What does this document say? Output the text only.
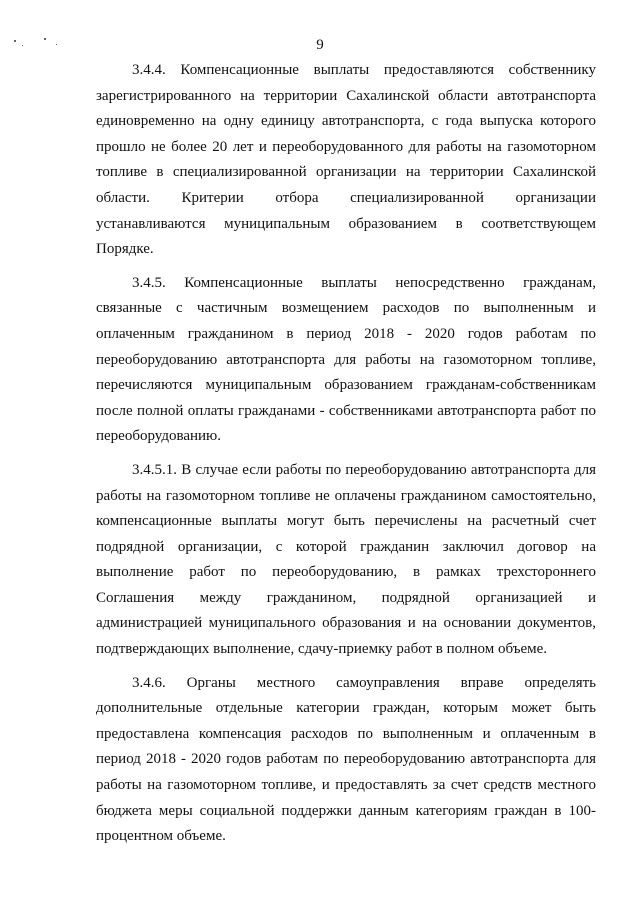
9

3.4.4. Компенсационные выплаты предоставляются собственнику зарегистрированного на территории Сахалинской области автотранспорта единовременно на одну единицу автотранспорта, с года выпуска которого прошло не более 20 лет и переоборудованного для работы на газомоторном топливе в специализированной организации на территории Сахалинской области. Критерии отбора специализированной организации устанавливаются муниципальным образованием в соответствующем Порядке.

3.4.5. Компенсационные выплаты непосредственно гражданам, связанные с частичным возмещением расходов по выполненным и оплаченным гражданином в период 2018 - 2020 годов работам по переоборудованию автотранспорта для работы на газомоторном топливе, перечисляются муниципальным образованием гражданам-собственникам после полной оплаты гражданами - собственниками автотранспорта работ по переоборудованию.

3.4.5.1. В случае если работы по переоборудованию автотранспорта для работы на газомоторном топливе не оплачены гражданином самостоятельно, компенсационные выплаты могут быть перечислены на расчетный счет подрядной организации, с которой гражданин заключил договор на выполнение работ по переоборудованию, в рамках трехстороннего Соглашения между гражданином, подрядной организацией и администрацией муниципального образования и на основании документов, подтверждающих выполнение, сдачу-приемку работ в полном объеме.

3.4.6. Органы местного самоуправления вправе определять дополнительные отдельные категории граждан, которым может быть предоставлена компенсация расходов по выполненным и оплаченным в период 2018 - 2020 годов работам по переоборудованию автотранспорта для работы на газомоторном топливе, и предоставлять за счет средств местного бюджета меры социальной поддержки данным категориям граждан в 100-процентном объеме.
